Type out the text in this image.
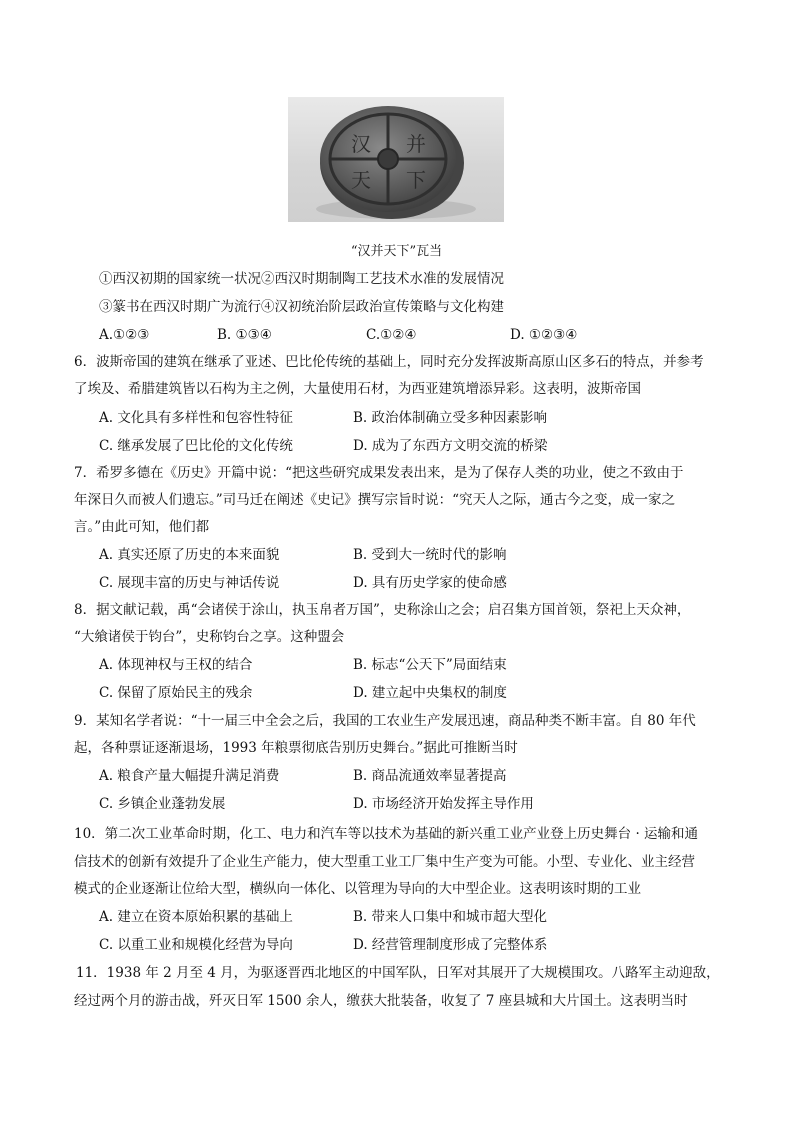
汉 并
天 下
“汉并天下”瓦当
①西汉初期的国家统一状况②西汉时期制陶工艺技术水准的发展情况
③篆书在西汉时期广为流行④汉初统治阶层政治宣传策略与文化构建
A.①②③	B. ①③④	C.①②④	D. ①②③④
6．波斯帝国的建筑在继承了亚述、巴比伦传统的基础上，同时充分发挥波斯高原山区多石的特点，并参考
了埃及、希腊建筑皆以石构为主之例，大量使用石材，为西亚建筑增添异彩。这表明，波斯帝国
A. 文化具有多样性和包容性特征	B. 政治体制确立受多种因素影响
C. 继承发展了巴比伦的文化传统	D. 成为了东西方文明交流的桥梁
7．希罗多德在《历史》开篇中说：“把这些研究成果发表出来，是为了保存人类的功业，使之不致由于
年深日久而被人们遗忘。”司马迁在阐述《史记》撰写宗旨时说：“究天人之际，通古今之变，成一家之
言。”由此可知，他们都
A. 真实还原了历史的本来面貌	B. 受到大一统时代的影响
C. 展现丰富的历史与神话传说	D. 具有历史学家的使命感
8．据文献记载，禹“会诸侯于涂山，执玉帛者万国”，史称涂山之会；启召集方国首领，祭祀上天众神，
“大飨诸侯于钧台”，史称钧台之享。这种盟会
A. 体现神权与王权的结合	B. 标志“公天下”局面结束
C. 保留了原始民主的残余	D. 建立起中央集权的制度
9．某知名学者说：“十一届三中全会之后，我国的工农业生产发展迅速，商品种类不断丰富。自 80 年代
起，各种票证逐渐退场，1993 年粮票彻底告别历史舞台。”据此可推断当时
A. 粮食产量大幅提升满足消费	B. 商品流通效率显著提高
C. 乡镇企业蓬勃发展	D. 市场经济开始发挥主导作用
10．第二次工业革命时期，化工、电力和汽车等以技术为基础的新兴重工业产业登上历史舞台 · 运输和通
信技术的创新有效提升了企业生产能力，使大型重工业工厂集中生产变为可能。小型、专业化、业主经营
模式的企业逐渐让位给大型，横纵向一体化、以管理为导向的大中型企业。这表明该时期的工业
A. 建立在资本原始积累的基础上	B. 带来人口集中和城市超大型化
C. 以重工业和规模化经营为导向	D. 经营管理制度形成了完整体系
11．1938 年 2 月至 4 月，为驱逐晋西北地区的中国军队，日军对其展开了大规模围攻。八路军主动迎敌，
经过两个月的游击战，歼灭日军 1500 余人，缴获大批装备，收复了 7 座县城和大片国土。这表明当时
